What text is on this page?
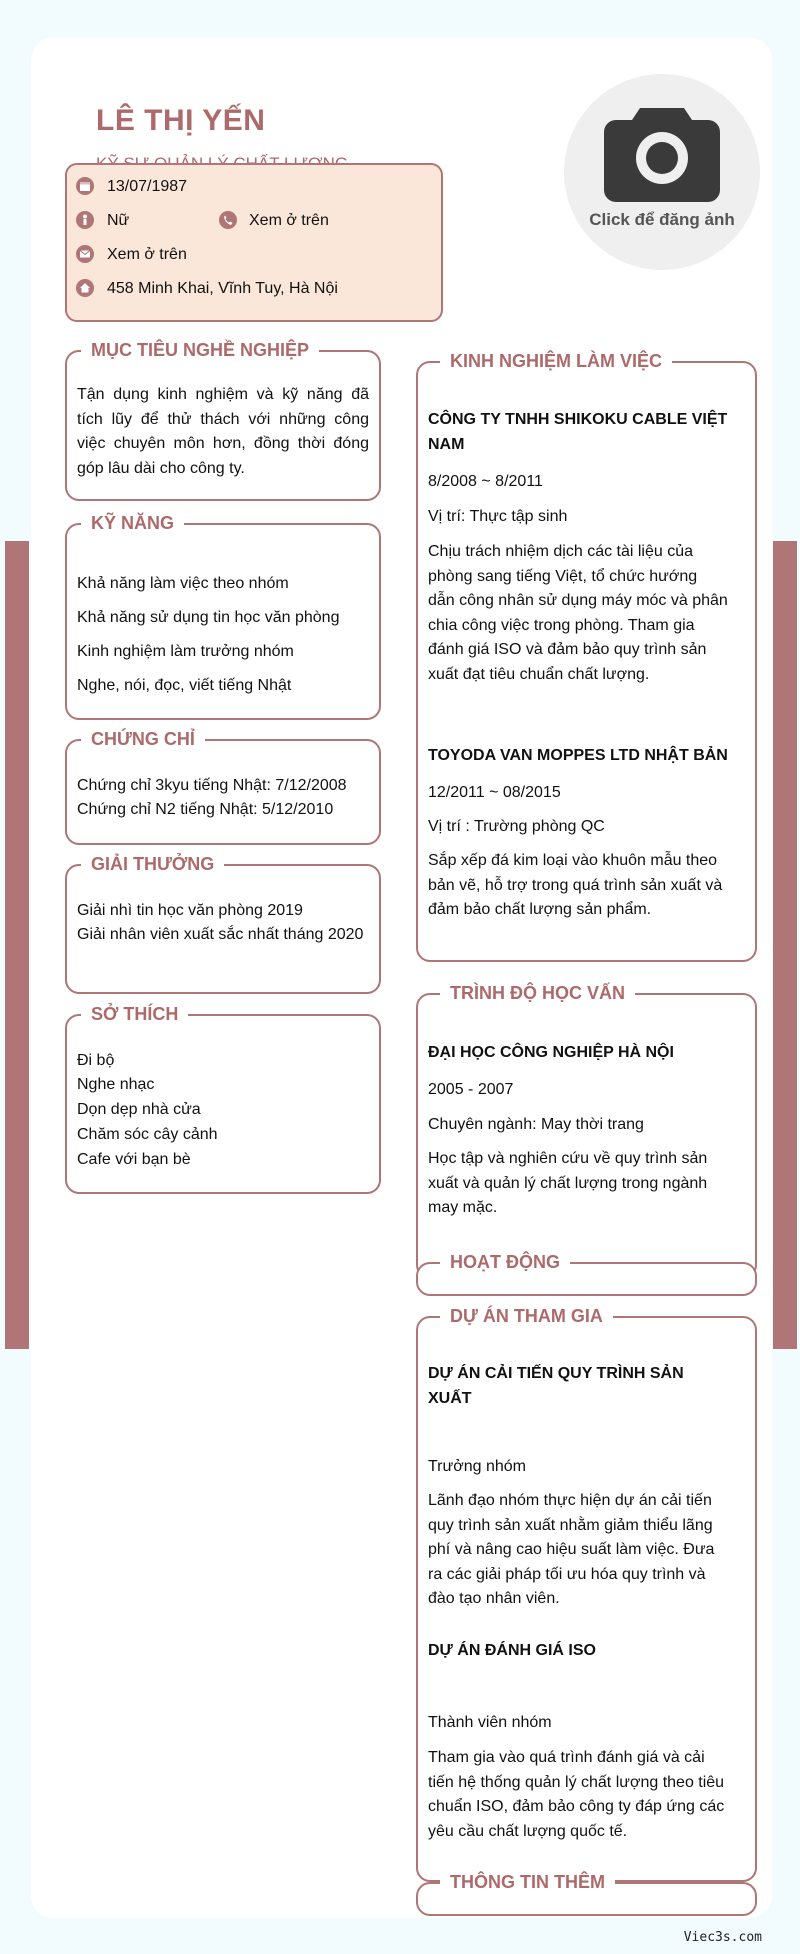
LÊ THỊ YẾN
Click để đăng ảnh
13/07/1987
Nữ	Xem ở trên
Xem ở trên
458 Minh Khai, Vĩnh Tuy, Hà Nội
MỤC TIÊU NGHỀ NGHIỆP
Tận dụng kinh nghiệm và kỹ năng đã tích lũy để thử thách với những công việc chuyên môn hơn, đồng thời đóng góp lâu dài cho công ty.
KỸ NĂNG
Khả năng làm việc theo nhóm
Khả năng sử dụng tin học văn phòng
Kinh nghiệm làm trưởng nhóm
Nghe, nói, đọc, viết tiếng Nhật
CHỨNG CHỈ
Chứng chỉ 3kyu tiếng Nhật: 7/12/2008
Chứng chỉ N2 tiếng Nhật: 5/12/2010
GIẢI THƯỞNG
Giải nhì tin học văn phòng 2019
Giải nhân viên xuất sắc nhất tháng 2020
SỞ THÍCH
Đi bộ
Nghe nhạc
Dọn dẹp nhà cửa
Chăm sóc cây cảnh
Cafe với bạn bè
KINH NGHIỆM LÀM VIỆC
CÔNG TY TNHH SHIKOKU CABLE VIỆT NAM
8/2008 ~ 8/2011
Vị trí: Thực tập sinh
Chịu trách nhiệm dịch các tài liệu của phòng sang tiếng Việt, tổ chức hướng dẫn công nhân sử dụng máy móc và phân chia công việc trong phòng. Tham gia đánh giá ISO và đảm bảo quy trình sản xuất đạt tiêu chuẩn chất lượng.
TOYODA VAN MOPPES LTD NHẬT BẢN
12/2011 ~ 08/2015
Vị trí : Trường phòng QC
Sắp xếp đá kim loại vào khuôn mẫu theo bản vẽ, hỗ trợ trong quá trình sản xuất và đảm bảo chất lượng sản phẩm.
TRÌNH ĐỘ HỌC VẤN
ĐẠI HỌC CÔNG NGHIỆP HÀ NỘI
2005 - 2007
Chuyên ngành: May thời trang
Học tập và nghiên cứu về quy trình sản xuất và quản lý chất lượng trong ngành may mặc.
HOẠT ĐỘNG
DỰ ÁN THAM GIA
DỰ ÁN CẢI TIẾN QUY TRÌNH SẢN XUẤT
Trưởng nhóm
Lãnh đạo nhóm thực hiện dự án cải tiến quy trình sản xuất nhằm giảm thiểu lãng phí và nâng cao hiệu suất làm việc. Đưa ra các giải pháp tối ưu hóa quy trình và đào tạo nhân viên.
DỰ ÁN ĐÁNH GIÁ ISO
Thành viên nhóm
Tham gia vào quá trình đánh giá và cải tiến hệ thống quản lý chất lượng theo tiêu chuẩn ISO, đảm bảo công ty đáp ứng các yêu cầu chất lượng quốc tế.
THÔNG TIN THÊM
Viec3s.com
